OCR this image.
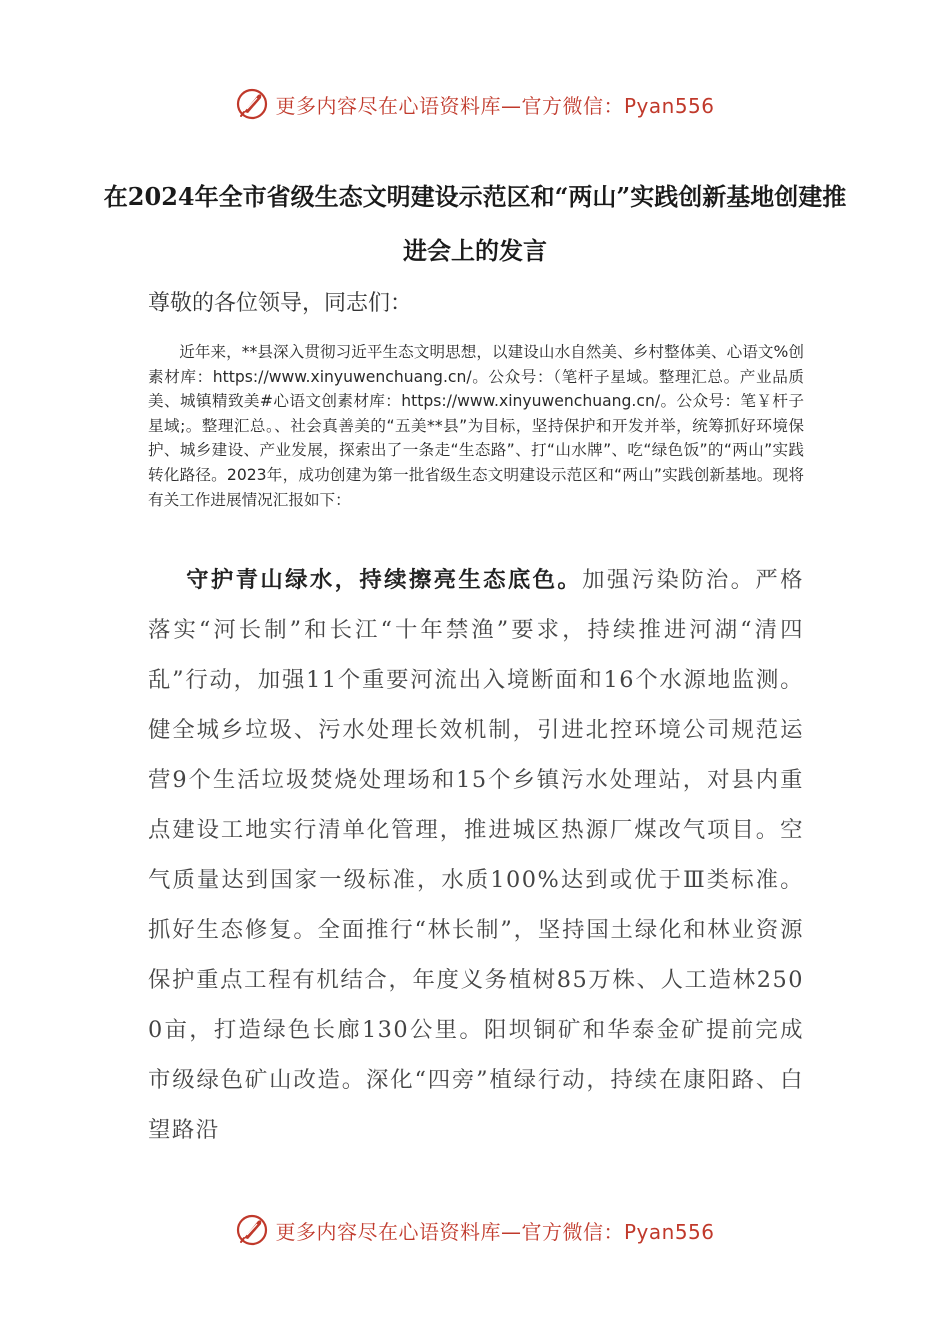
更多内容尽在心语资料库—官方微信：Pyan556
在2024年全市省级生态文明建设示范区和“两山”实践创新基地创建推进会上的发言

尊敬的各位领导，同志们：

近年来，**县深入贯彻习近平生态文明思想，以建设山水自然美、乡村整体美、心语文%创素材库：https://www.xinyuwenchuang.cn/。公众号：（笔杆子星域。整理汇总。产业品质美、城镇精致美#心语文创素材库：https://www.xinyuwenchuang.cn/。公众号：笔￥杆子星域;。整理汇总。、社会真善美的“五美**县”为目标，坚持保护和开发并举，统筹抓好环境保护、城乡建设、产业发展，探索出了一条走“生态路”、打“山水牌”、吃“绿色饭”的“两山”实践转化路径。2023年，成功创建为第一批省级生态文明建设示范区和“两山”实践创新基地。现将有关工作进展情况汇报如下：

守护青山绿水，持续擦亮生态底色。加强污染防治。严格落实“河长制”和长江“十年禁渔”要求，持续推进河湖“清四乱”行动，加强11个重要河流出入境断面和16个水源地监测。健全城乡垃圾、污水处理长效机制，引进北控环境公司规范运营9个生活垃圾焚烧处理场和15个乡镇污水处理站，对县内重点建设工地实行清单化管理，推进城区热源厂煤改气项目。空气质量达到国家一级标准，水质100%达到或优于Ⅲ类标准。抓好生态修复。全面推行“林长制”，坚持国土绿化和林业资源保护重点工程有机结合，年度义务植树85万株、人工造林2500亩，打造绿色长廊130公里。阳坝铜矿和华泰金矿提前完成市级绿色矿山改造。深化“四旁”植绿行动，持续在康阳路、白望路沿

更多内容尽在心语资料库—官方微信：Pyan556
